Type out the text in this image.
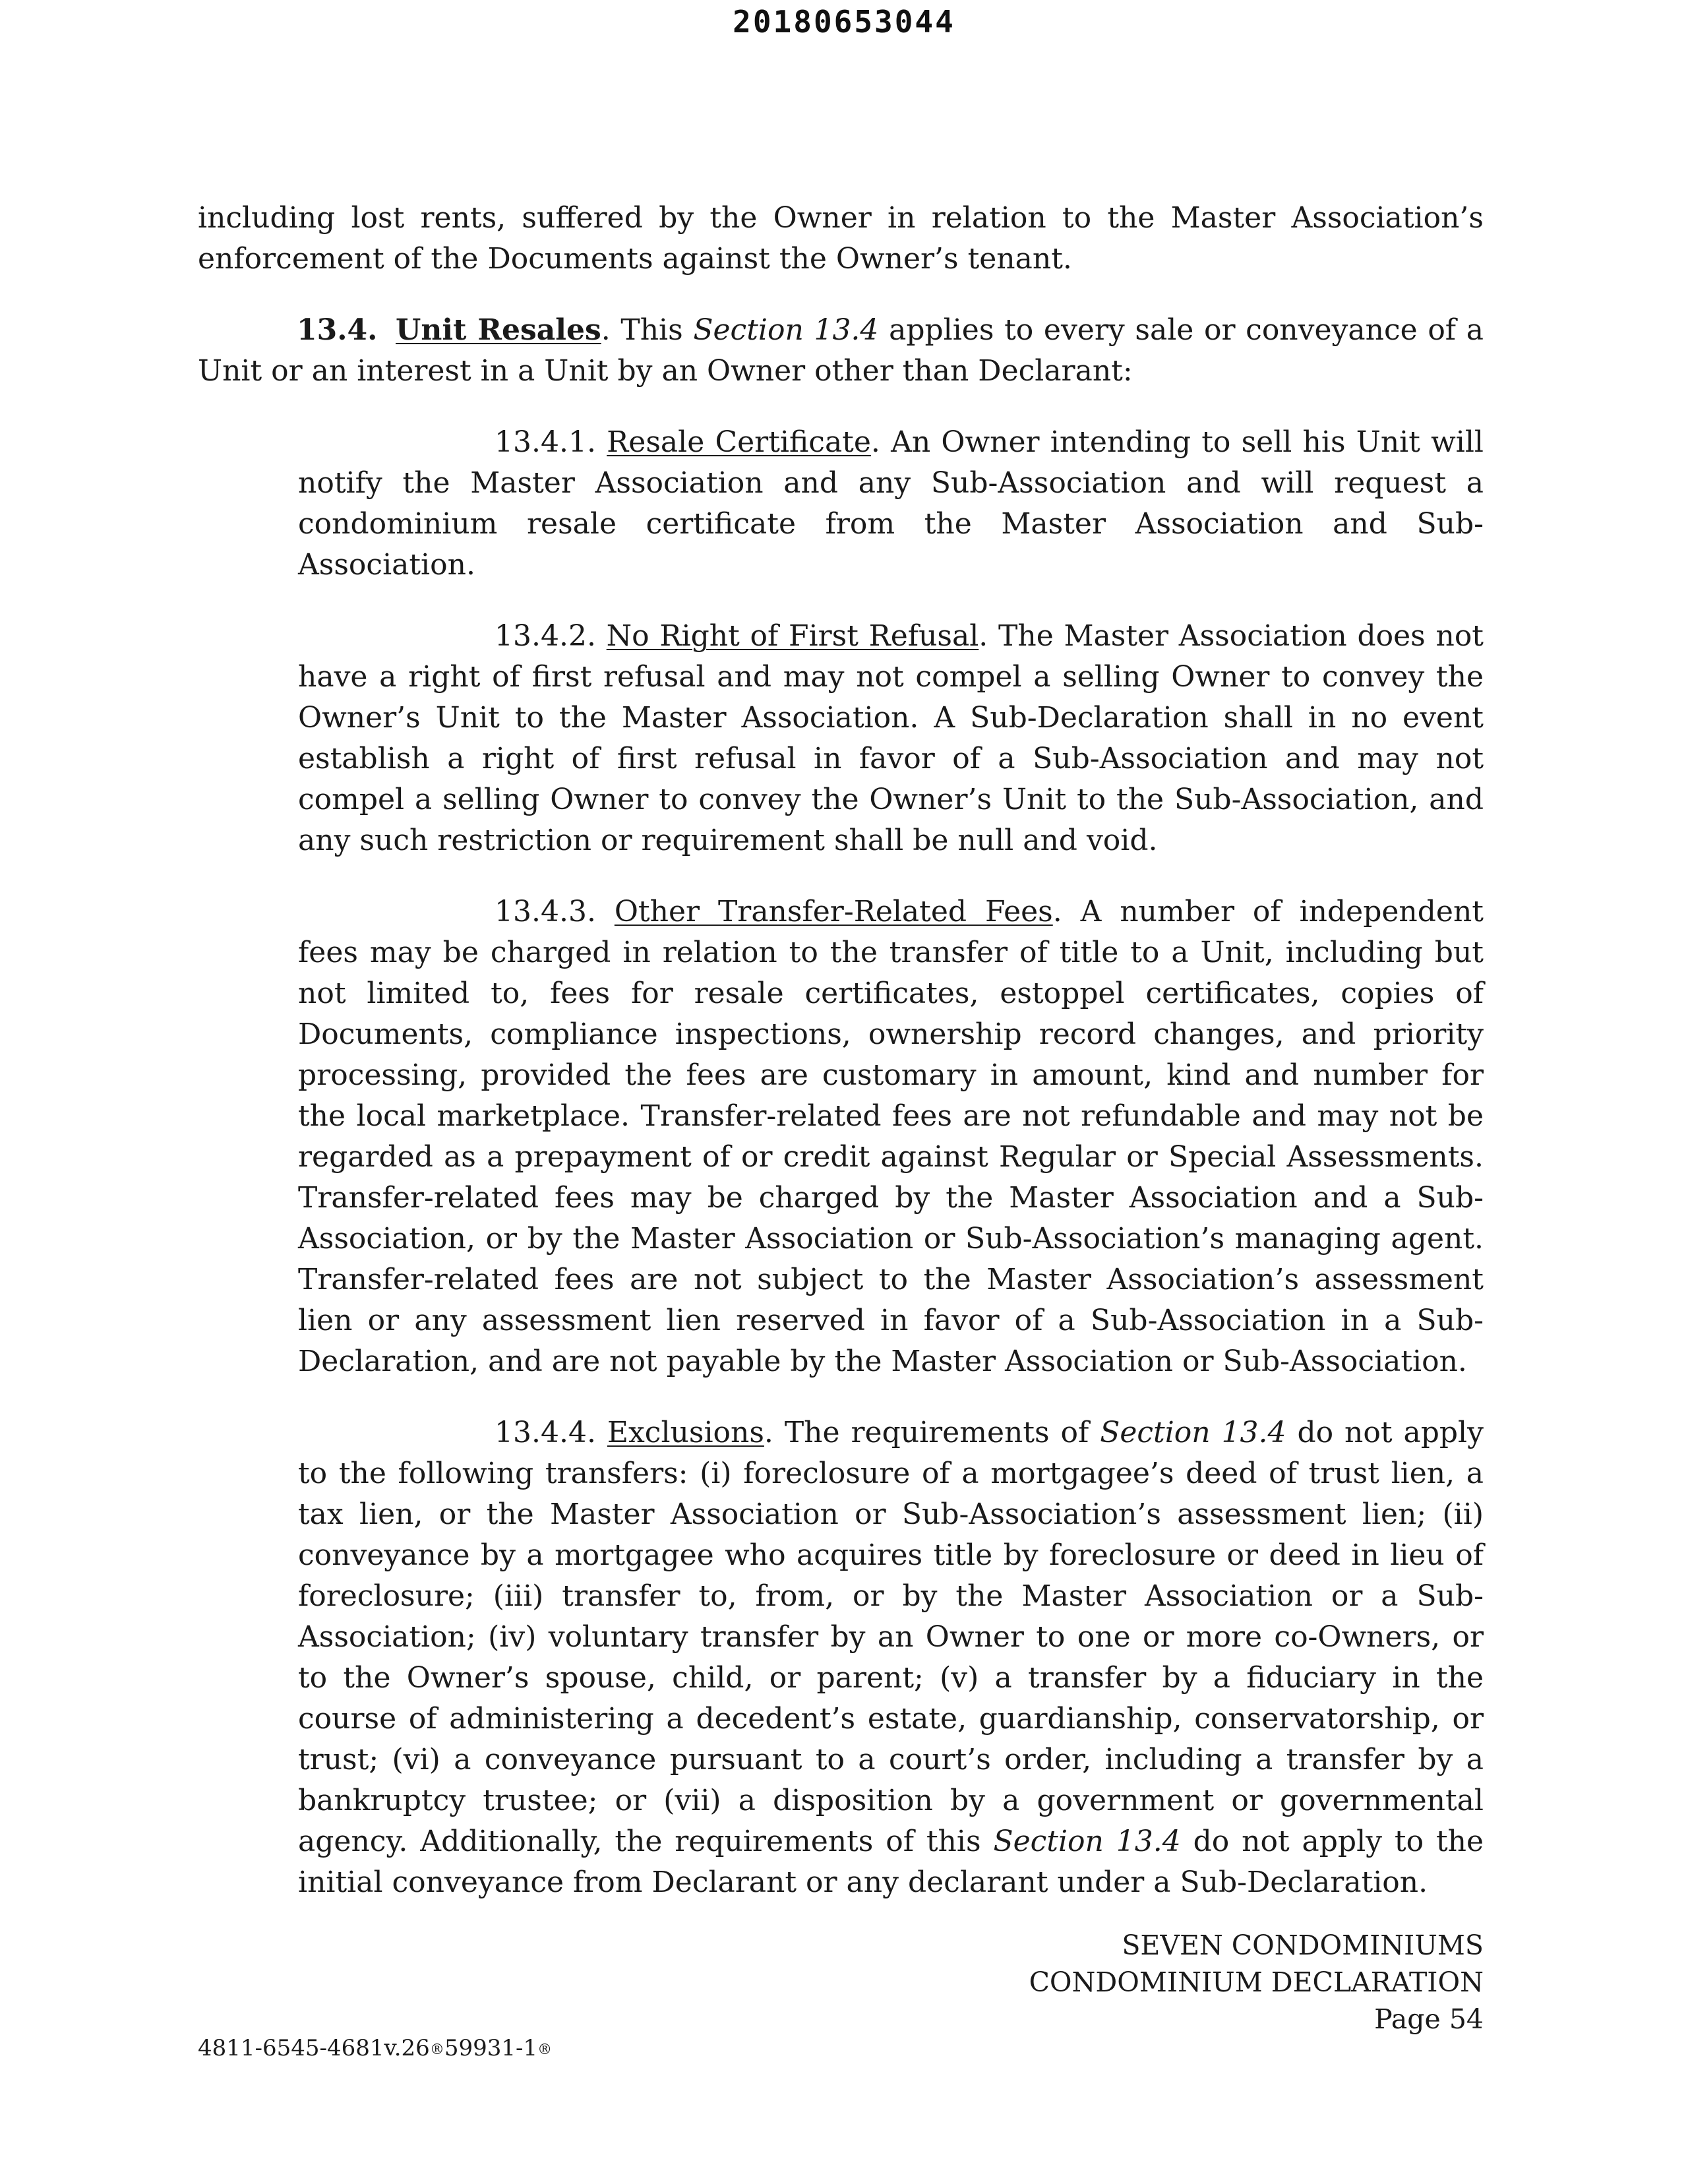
20180653044

including lost rents, suffered by the Owner in relation to the Master Association’s enforcement of the Documents against the Owner’s tenant.

13.4. Unit Resales. This Section 13.4 applies to every sale or conveyance of a Unit or an interest in a Unit by an Owner other than Declarant:

13.4.1. Resale Certificate. An Owner intending to sell his Unit will notify the Master Association and any Sub-Association and will request a condominium resale certificate from the Master Association and Sub-Association.

13.4.2. No Right of First Refusal. The Master Association does not have a right of first refusal and may not compel a selling Owner to convey the Owner’s Unit to the Master Association. A Sub-Declaration shall in no event establish a right of first refusal in favor of a Sub-Association and may not compel a selling Owner to convey the Owner’s Unit to the Sub-Association, and any such restriction or requirement shall be null and void.

13.4.3. Other Transfer-Related Fees. A number of independent fees may be charged in relation to the transfer of title to a Unit, including but not limited to, fees for resale certificates, estoppel certificates, copies of Documents, compliance inspections, ownership record changes, and priority processing, provided the fees are customary in amount, kind and number for the local marketplace. Transfer-related fees are not refundable and may not be regarded as a prepayment of or credit against Regular or Special Assessments. Transfer-related fees may be charged by the Master Association and a Sub-Association, or by the Master Association or Sub-Association’s managing agent. Transfer-related fees are not subject to the Master Association’s assessment lien or any assessment lien reserved in favor of a Sub-Association in a Sub-Declaration, and are not payable by the Master Association or Sub-Association.

13.4.4. Exclusions. The requirements of Section 13.4 do not apply to the following transfers: (i) foreclosure of a mortgagee’s deed of trust lien, a tax lien, or the Master Association or Sub-Association’s assessment lien; (ii) conveyance by a mortgagee who acquires title by foreclosure or deed in lieu of foreclosure; (iii) transfer to, from, or by the Master Association or a Sub-Association; (iv) voluntary transfer by an Owner to one or more co-Owners, or to the Owner’s spouse, child, or parent; (v) a transfer by a fiduciary in the course of administering a decedent’s estate, guardianship, conservatorship, or trust; (vi) a conveyance pursuant to a court’s order, including a transfer by a bankruptcy trustee; or (vii) a disposition by a government or governmental agency. Additionally, the requirements of this Section 13.4 do not apply to the initial conveyance from Declarant or any declarant under a Sub-Declaration.

SEVEN CONDOMINIUMS
CONDOMINIUM DECLARATION
Page 54
4811-6545-4681v.26®59931-1®
